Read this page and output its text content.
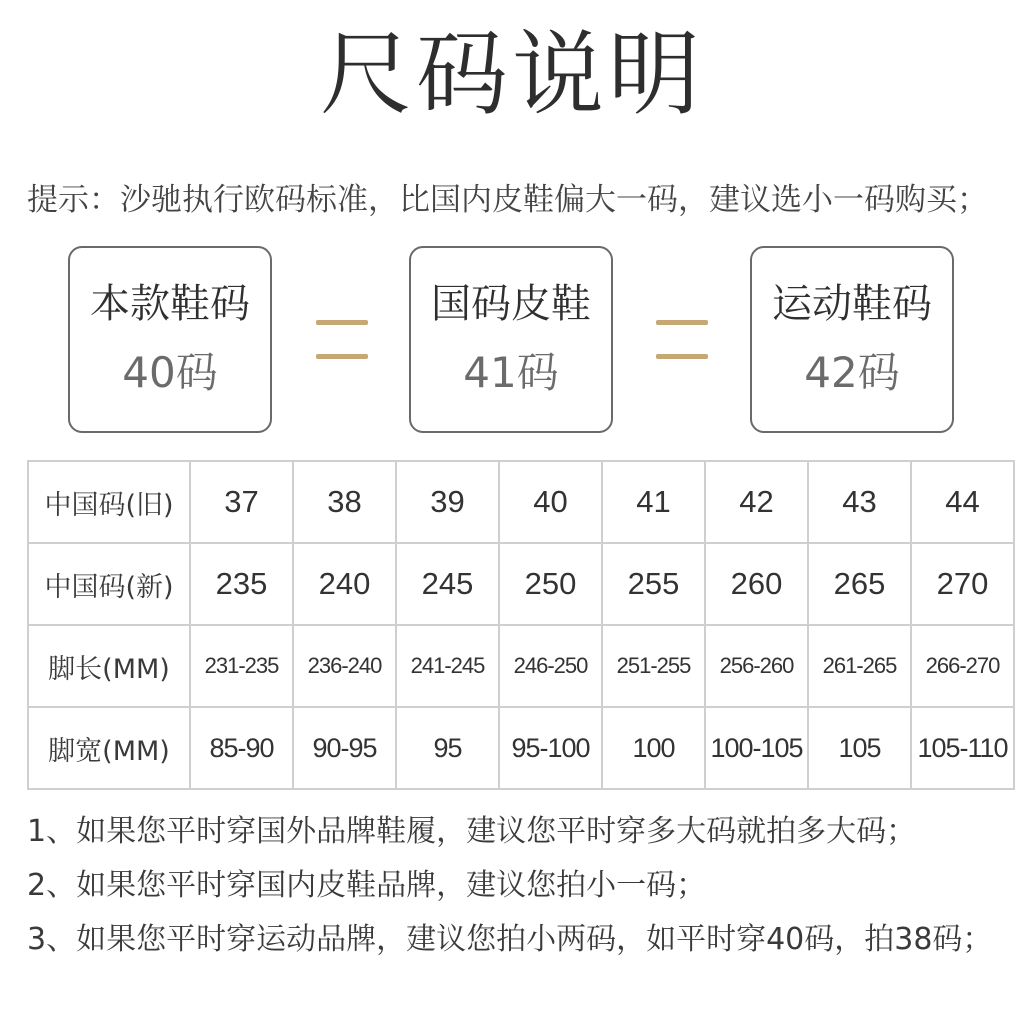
尺码说明
提示：沙驰执行欧码标准，比国内皮鞋偏大一码，建议选小一码购买；
本款鞋码
40码
国码皮鞋
41码
运动鞋码
42码
中国码(旧)	37	38	39	40	41	42	43	44
中国码(新)	235	240	245	250	255	260	265	270
脚长(MM)	231-235	236-240	241-245	246-250	251-255	256-260	261-265	266-270
脚宽(MM)	85-90	90-95	95	95-100	100	100-105	105	105-110
1、如果您平时穿国外品牌鞋履，建议您平时穿多大码就拍多大码；
2、如果您平时穿国内皮鞋品牌，建议您拍小一码；
3、如果您平时穿运动品牌，建议您拍小两码，如平时穿40码，拍38码；
